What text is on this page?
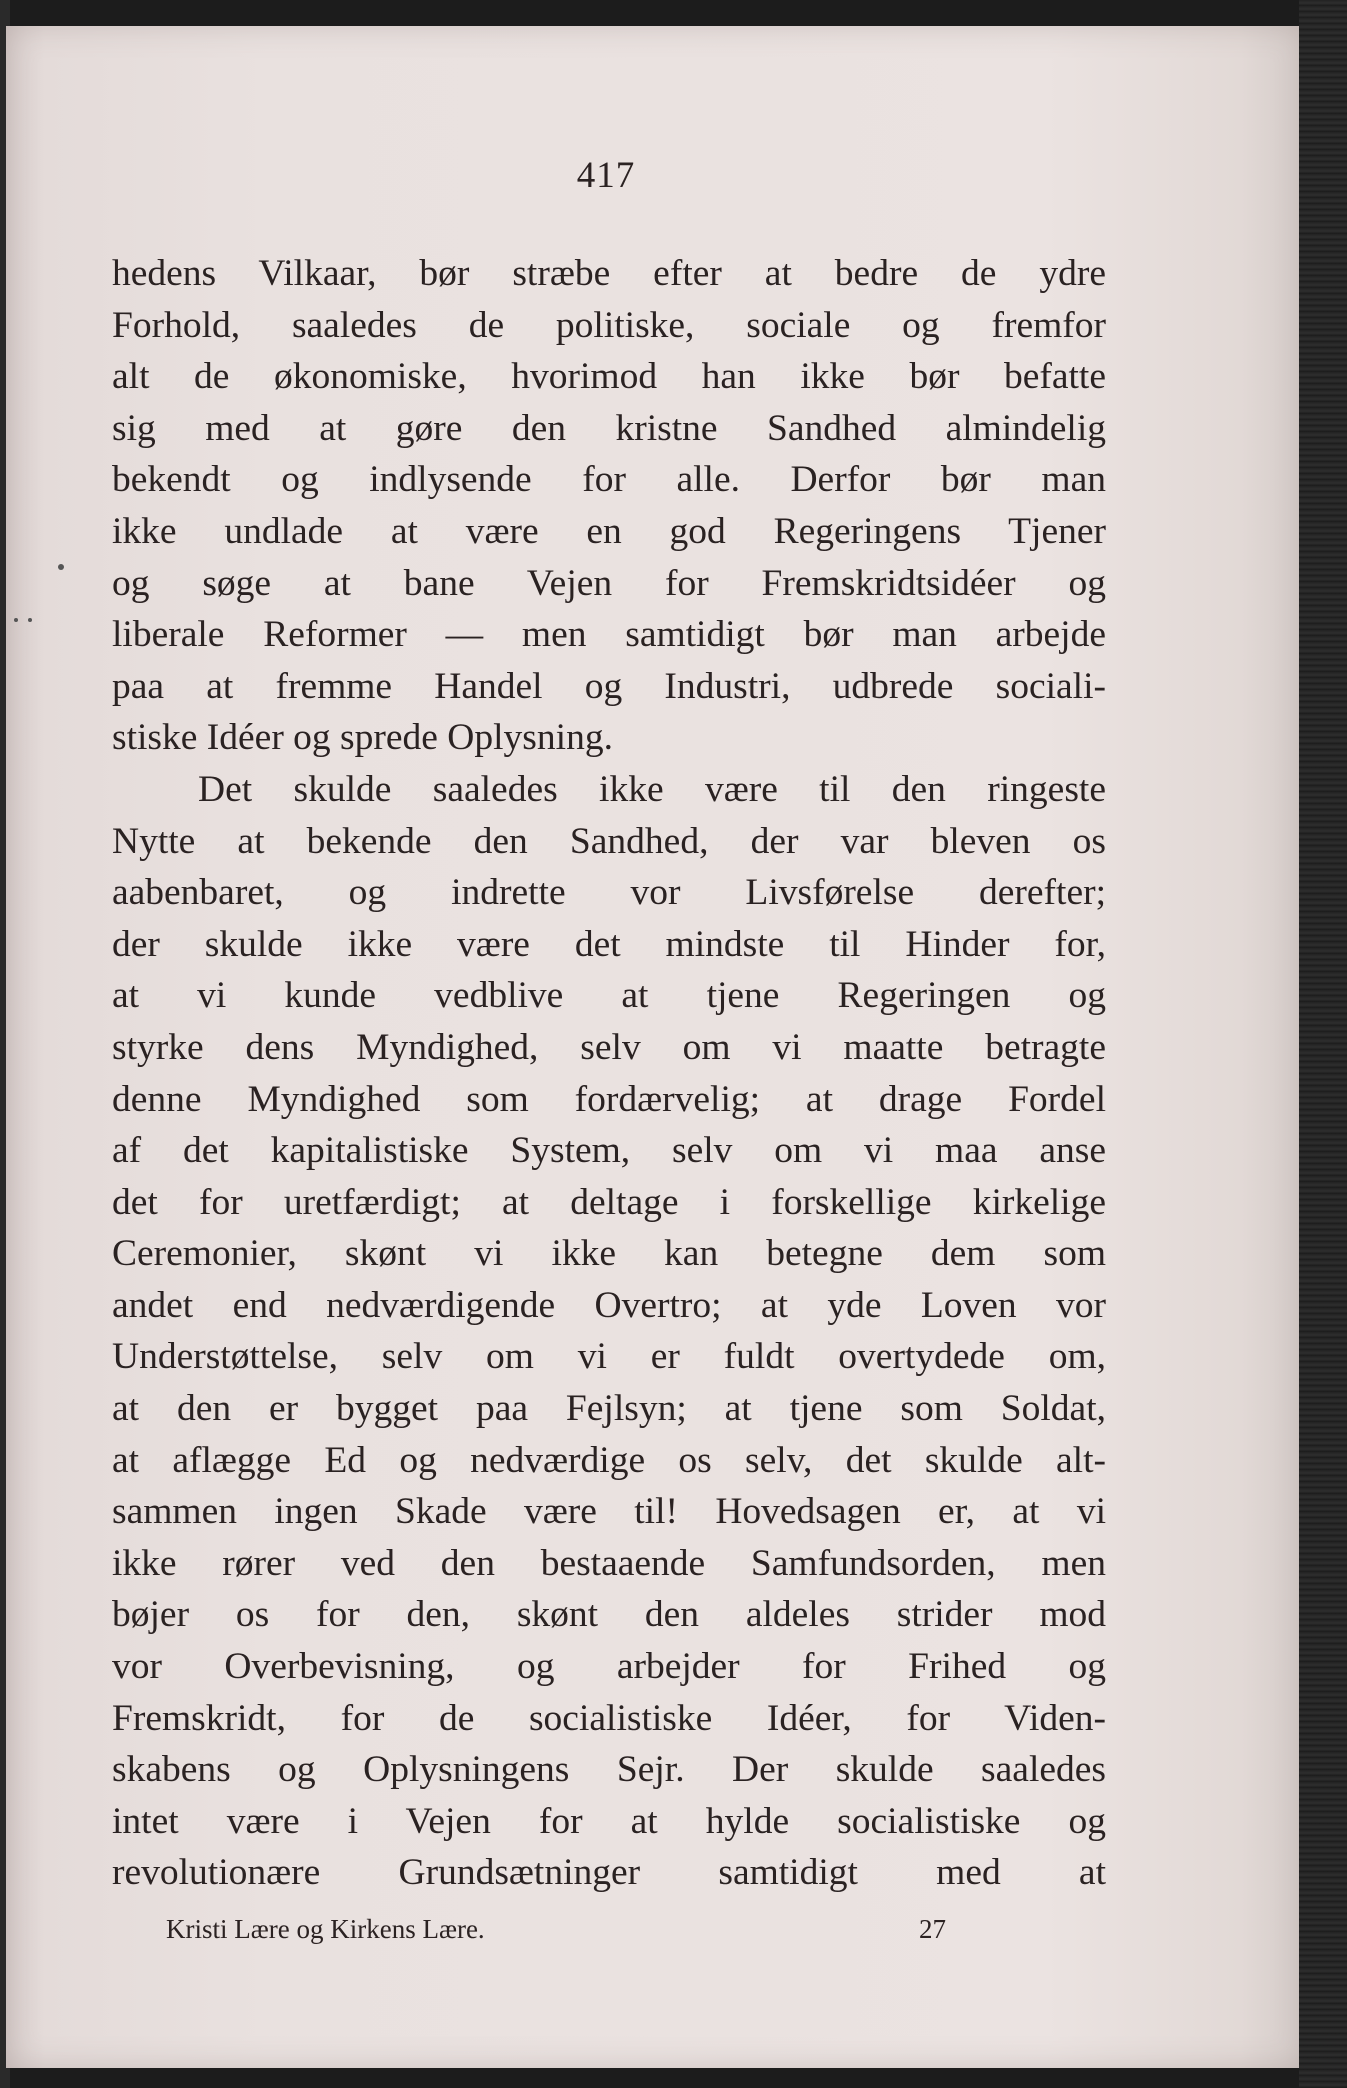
417
hedens Vilkaar, bør stræbe efter at bedre de ydre
Forhold, saaledes de politiske, sociale og fremfor
alt de økonomiske, hvorimod han ikke bør befatte
sig med at gøre den kristne Sandhed almindelig
bekendt og indlysende for alle. Derfor bør man
ikke undlade at være en god Regeringens Tjener
og søge at bane Vejen for Fremskridtsidéer og
liberale Reformer — men samtidigt bør man arbejde
paa at fremme Handel og Industri, udbrede sociali-
stiske Idéer og sprede Oplysning.
Det skulde saaledes ikke være til den ringeste
Nytte at bekende den Sandhed, der var bleven os
aabenbaret, og indrette vor Livsførelse derefter;
der skulde ikke være det mindste til Hinder for,
at vi kunde vedblive at tjene Regeringen og
styrke dens Myndighed, selv om vi maatte betragte
denne Myndighed som fordærvelig; at drage Fordel
af det kapitalistiske System, selv om vi maa anse
det for uretfærdigt; at deltage i forskellige kirkelige
Ceremonier, skønt vi ikke kan betegne dem som
andet end nedværdigende Overtro; at yde Loven vor
Understøttelse, selv om vi er fuldt overtydede om,
at den er bygget paa Fejlsyn; at tjene som Soldat,
at aflægge Ed og nedværdige os selv, det skulde alt-
sammen ingen Skade være til! Hovedsagen er, at vi
ikke rører ved den bestaaende Samfundsorden, men
bøjer os for den, skønt den aldeles strider mod
vor Overbevisning, og arbejder for Frihed og
Fremskridt, for de socialistiske Idéer, for Viden-
skabens og Oplysningens Sejr. Der skulde saaledes
intet være i Vejen for at hylde socialistiske og
revolutionære Grundsætninger samtidigt med at
Kristi Lære og Kirkens Lære.	27
